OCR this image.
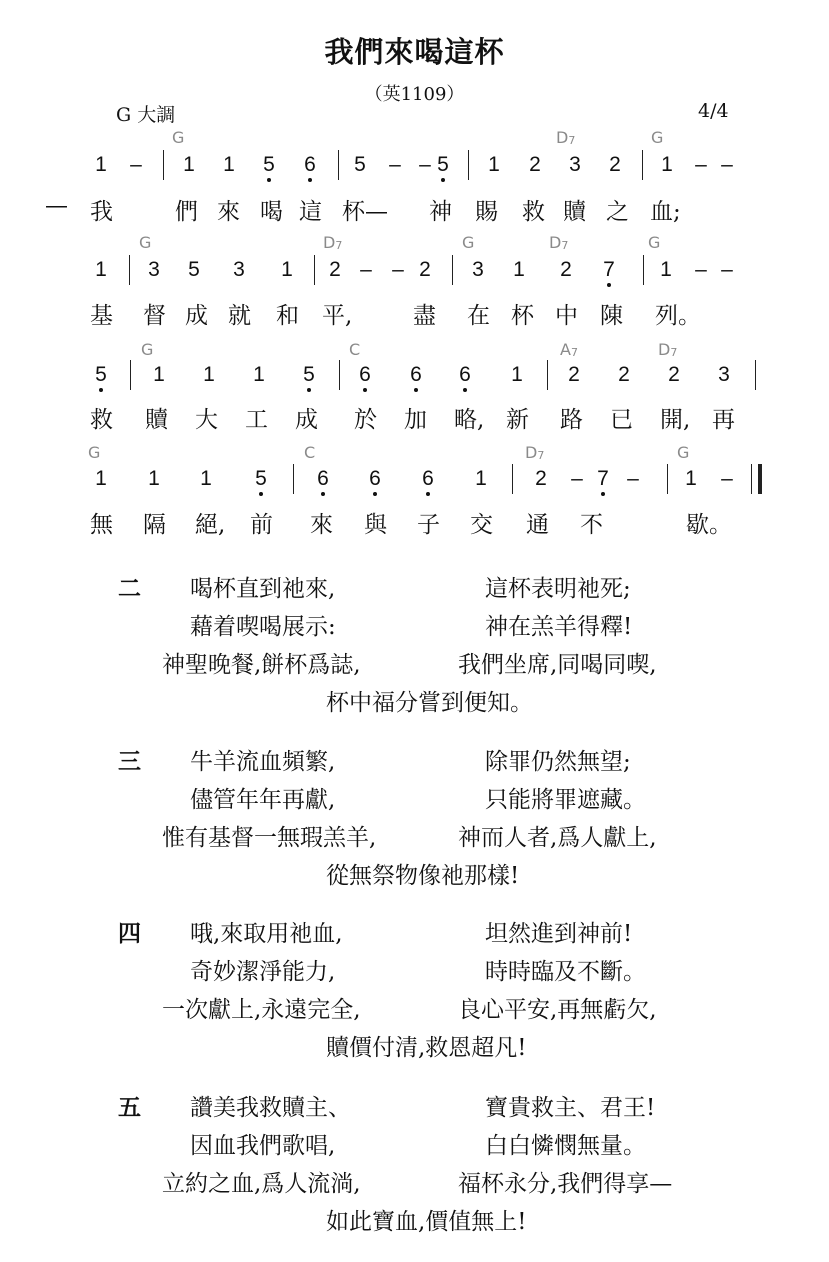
我們來喝這杯
（英1109）
G 大調	4/4
G	$D_7$	G
1 – 1 1 5 6 5 – – 5 1 2 3 2 1 – –
— 我	們 來 喝 這 杯— 神 賜 救 贖 之 血;
G	$D_7$	G	$D_7$	G
1 3 5 3 1 2 – – 2 3 1 2 7 1 – –
基 督 成 就 和 平,	盡 在 杯 中 陳 列。
G	C	$A_7$	$D_7$
5 1 1 1 5 6 6 6 1 2 2 2 3
救 贖 大 工 成 於 加 略, 新 路 已 開, 再
G	C	$D_7$	G
1 1 1 5 6 6 6 1 2 – 7 – 1 –
無 隔 絕, 前 來 與 子 交 通 不	歇。
二 喝杯直到祂來,	這杯表明祂死;
藉着喫喝展示:	神在羔羊得釋!
神聖晚餐,餅杯爲誌,	我們坐席,同喝同喫,
杯中福分嘗到便知。
三 牛羊流血頻繁,	除罪仍然無望;
儘管年年再獻,	只能將罪遮藏。
惟有基督一無瑕羔羊,	神而人者,爲人獻上,
從無祭物像祂那樣!
四 哦,來取用祂血,	坦然進到神前!
奇妙潔淨能力,	時時臨及不斷。
一次獻上,永遠完全,	良心平安,再無虧欠,
贖價付清,救恩超凡!
五 讚美我救贖主、	寶貴救主、君王!
因血我們歌唱,	白白憐憫無量。
立約之血,爲人流淌,	福杯永分,我們得享—
如此寶血,價值無上!
